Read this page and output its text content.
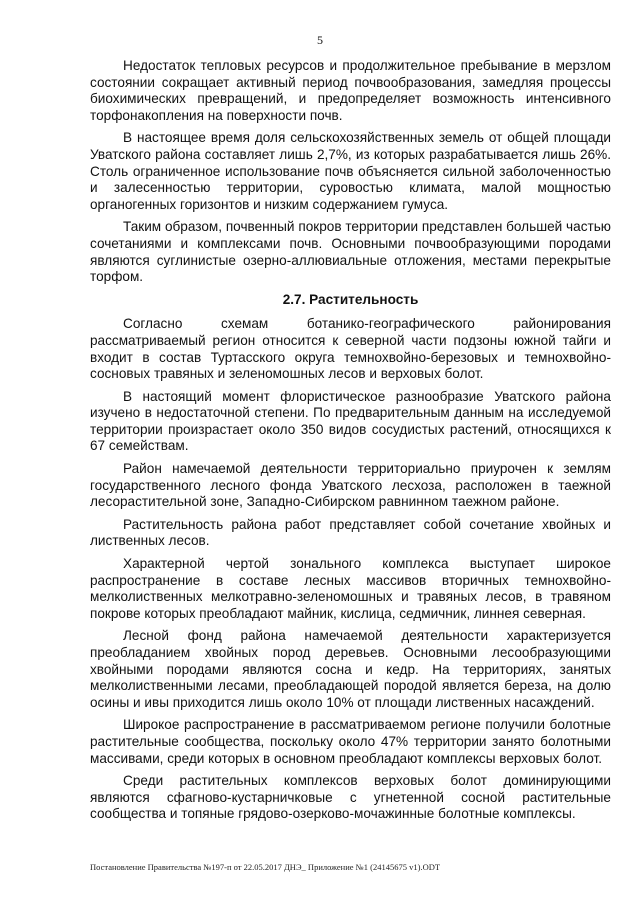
5

Недостаток тепловых ресурсов и продолжительное пребывание в мерзлом состоянии сокращает активный период почвообразования, замедляя процессы биохимических превращений, и предопределяет возможность интенсивного торфонакопления на поверхности почв.

В настоящее время доля сельскохозяйственных земель от общей площади Уватского района составляет лишь 2,7%, из которых разрабатывается лишь 26%. Столь ограниченное использование почв объясняется сильной заболоченностью и залесенностью территории, суровостью климата, малой мощностью органогенных горизонтов и низким содержанием гумуса.

Таким образом, почвенный покров территории представлен большей частью сочетаниями и комплексами почв. Основными почвообразующими породами являются суглинистые озерно-аллювиальные отложения, местами перекрытые торфом.

2.7. Растительность

Согласно схемам ботанико-географического районирования рассматриваемый регион относится к северной части подзоны южной тайги и входит в состав Туртасского округа темнохвойно-березовых и темнохвойно-сосновых травяных и зеленомошных лесов и верховых болот.

В настоящий момент флористическое разнообразие Уватского района изучено в недостаточной степени. По предварительным данным на исследуемой территории произрастает около 350 видов сосудистых растений, относящихся к 67 семействам.

Район намечаемой деятельности территориально приурочен к землям государственного лесного фонда Уватского лесхоза, расположен в таежной лесорастительной зоне, Западно-Сибирском равнинном таежном районе.

Растительность района работ представляет собой сочетание хвойных и лиственных лесов.

Характерной чертой зонального комплекса выступает широкое распространение в составе лесных массивов вторичных темнохвойно-мелколиственных мелкотравно-зеленомошных и травяных лесов, в травяном покрове которых преобладают майник, кислица, седмичник, линнея северная.

Лесной фонд района намечаемой деятельности характеризуется преобладанием хвойных пород деревьев. Основными лесообразующими хвойными породами являются сосна и кедр. На территориях, занятых мелколиственными лесами, преобладающей породой является береза, на долю осины и ивы приходится лишь около 10% от площади лиственных насаждений.

Широкое распространение в рассматриваемом регионе получили болотные растительные сообщества, поскольку около 47% территории занято болотными массивами, среди которых в основном преобладают комплексы верховых болот.

Среди растительных комплексов верховых болот доминирующими являются сфагново-кустарничковые с угнетенной сосной растительные сообщества и топяные грядово-озерково-мочажинные болотные комплексы.

Постановление Правительства №197-п от 22.05.2017 ДНЭ_ Приложение №1 (24145675 v1).ODT
